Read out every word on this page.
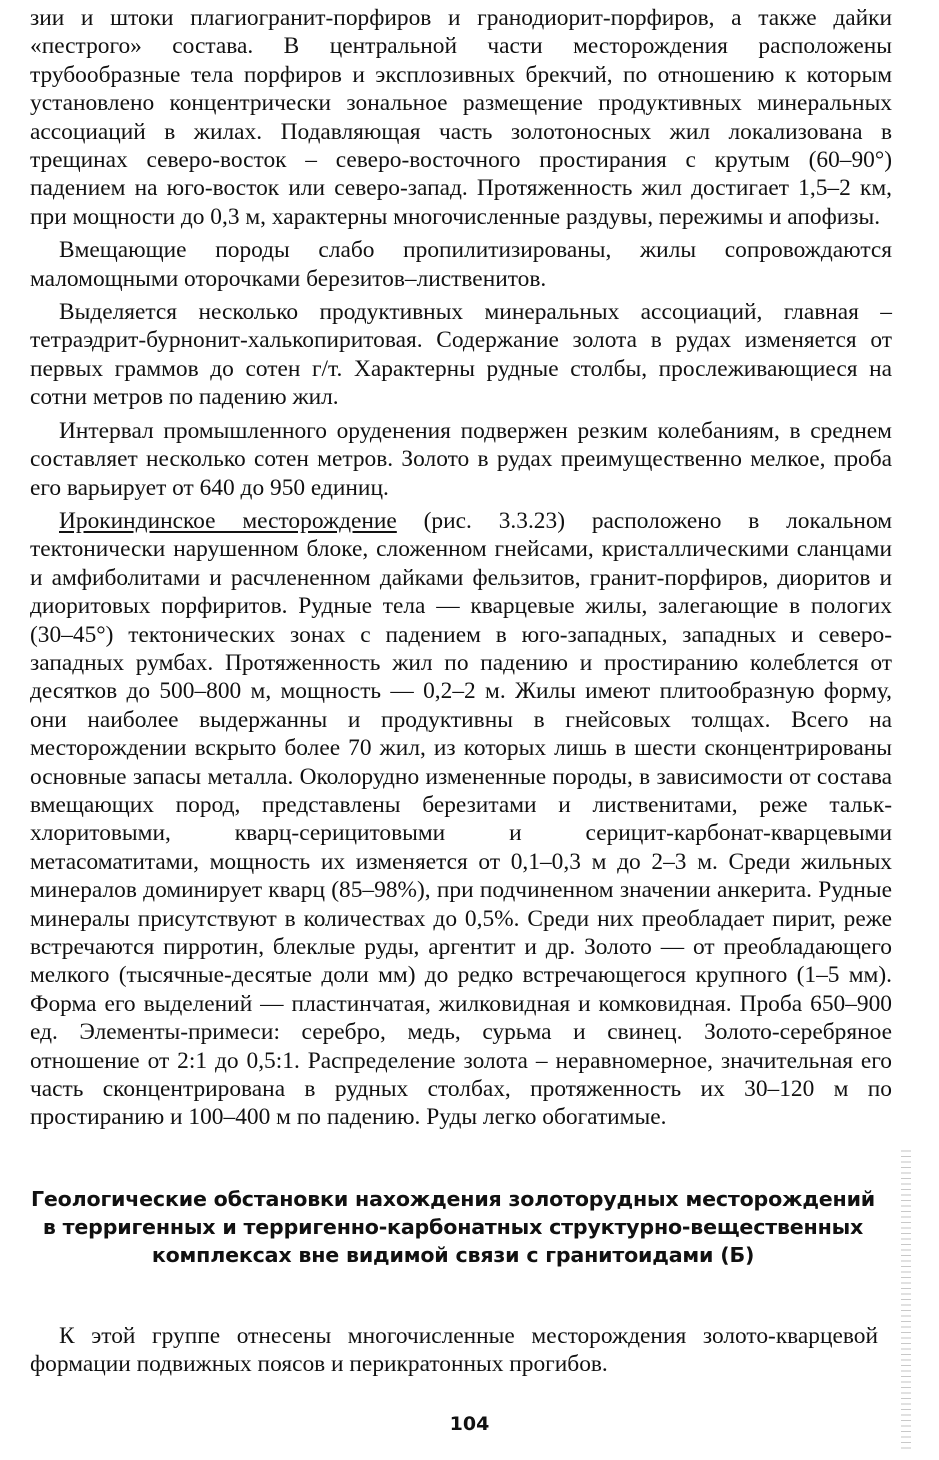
зии и штоки плагиогранит-порфиров и гранодиорит-порфиров, а также дайки «пестрого» состава. В центральной части месторождения расположены трубообразные тела порфиров и эксплозивных брекчий, по отношению к которым установлено концентрически зональное размещение продуктивных минеральных ассоциаций в жилах. Подавляющая часть золотоносных жил локализована в трещинах северо-восток – северо-восточного простирания с крутым (60–90°) падением на юго-восток или северо-запад. Протяженность жил достигает 1,5–2 км, при мощности до 0,3 м, характерны многочисленные раздувы, пережимы и апофизы.

Вмещающие породы слабо пропилитизированы, жилы сопровождаются маломощными оторочками березитов–лиственитов.

Выделяется несколько продуктивных минеральных ассоциаций, главная – тетраэдрит-бурнонит-халькопиритовая. Содержание золота в рудах изменяется от первых граммов до сотен г/т. Характерны рудные столбы, прослеживающиеся на сотни метров по падению жил.

Интервал промышленного оруденения подвержен резким колебаниям, в среднем составляет несколько сотен метров. Золото в рудах преимущественно мелкое, проба его варьирует от 640 до 950 единиц.

Ирокиндинское месторождение (рис. 3.3.23) расположено в локальном тектонически нарушенном блоке, сложенном гнейсами, кристаллическими сланцами и амфиболитами и расчлененном дайками фельзитов, гранит-порфиров, диоритов и диоритовых порфиритов. Рудные тела — кварцевые жилы, залегающие в пологих (30–45°) тектонических зонах с падением в юго-западных, западных и северо-западных румбах. Протяженность жил по падению и простиранию колеблется от десятков до 500–800 м, мощность — 0,2–2 м. Жилы имеют плитообразную форму, они наиболее выдержанны и продуктивны в гнейсовых толщах. Всего на месторождении вскрыто более 70 жил, из которых лишь в шести сконцентрированы основные запасы металла. Околорудно измененные породы, в зависимости от состава вмещающих пород, представлены березитами и лиственитами, реже тальк-хлоритовыми, кварц-серицитовыми и серицит-карбонат-кварцевыми метасоматитами, мощность их изменяется от 0,1–0,3 м до 2–3 м. Среди жильных минералов доминирует кварц (85–98%), при подчиненном значении анкерита. Рудные минералы присутствуют в количествах до 0,5%. Среди них преобладает пирит, реже встречаются пирротин, блеклые руды, аргентит и др. Золото — от преобладающего мелкого (тысячные-десятые доли мм) до редко встречающегося крупного (1–5 мм). Форма его выделений — пластинчатая, жилковидная и комковидная. Проба 650–900 ед. Элементы-примеси: серебро, медь, сурьма и свинец. Золото-серебряное отношение от 2:1 до 0,5:1. Распределение золота – неравномерное, значительная его часть сконцентрирована в рудных столбах, протяженность их 30–120 м по простиранию и 100–400 м по падению. Руды легко обогатимые.

Геологические обстановки нахождения золоторудных месторождений в терригенных и терригенно-карбонатных структурно-вещественных комплексах вне видимой связи с гранитоидами (Б)

К этой группе отнесены многочисленные месторождения золото-кварцевой формации подвижных поясов и перикратонных прогибов.

104
